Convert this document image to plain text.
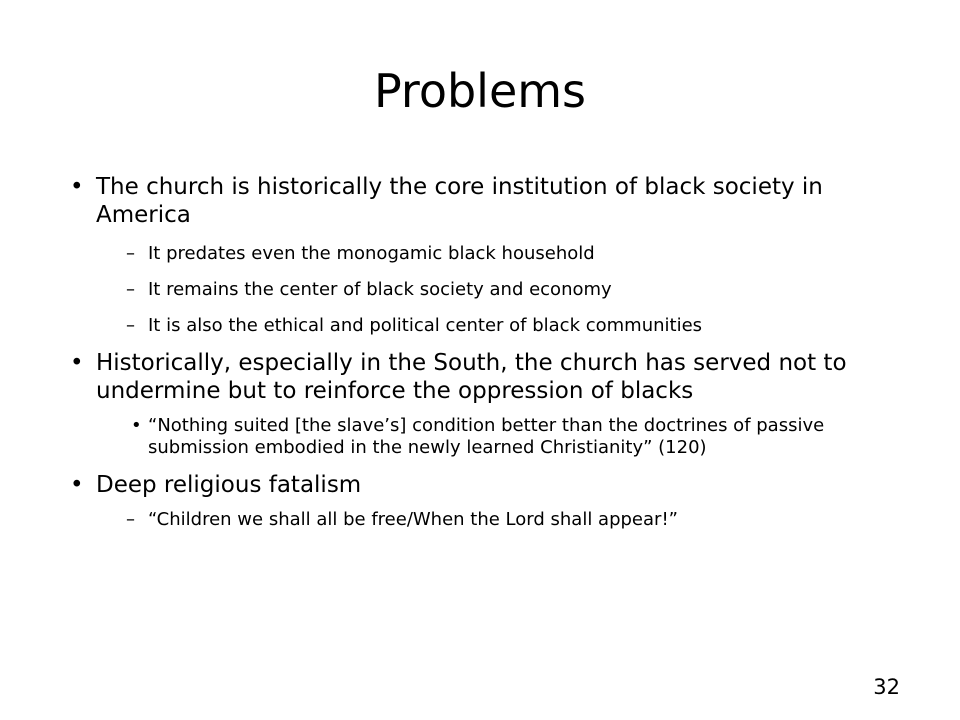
Problems
• The church is historically the core institution of black society in America
– It predates even the monogamic black household
– It remains the center of black society and economy
– It is also the ethical and political center of black communities
• Historically, especially in the South, the church has served not to undermine but to reinforce the oppression of blacks
• “Nothing suited [the slave’s] condition better than the doctrines of passive submission embodied in the newly learned Christianity” (120)
• Deep religious fatalism
– “Children we shall all be free/When the Lord shall appear!”
32
